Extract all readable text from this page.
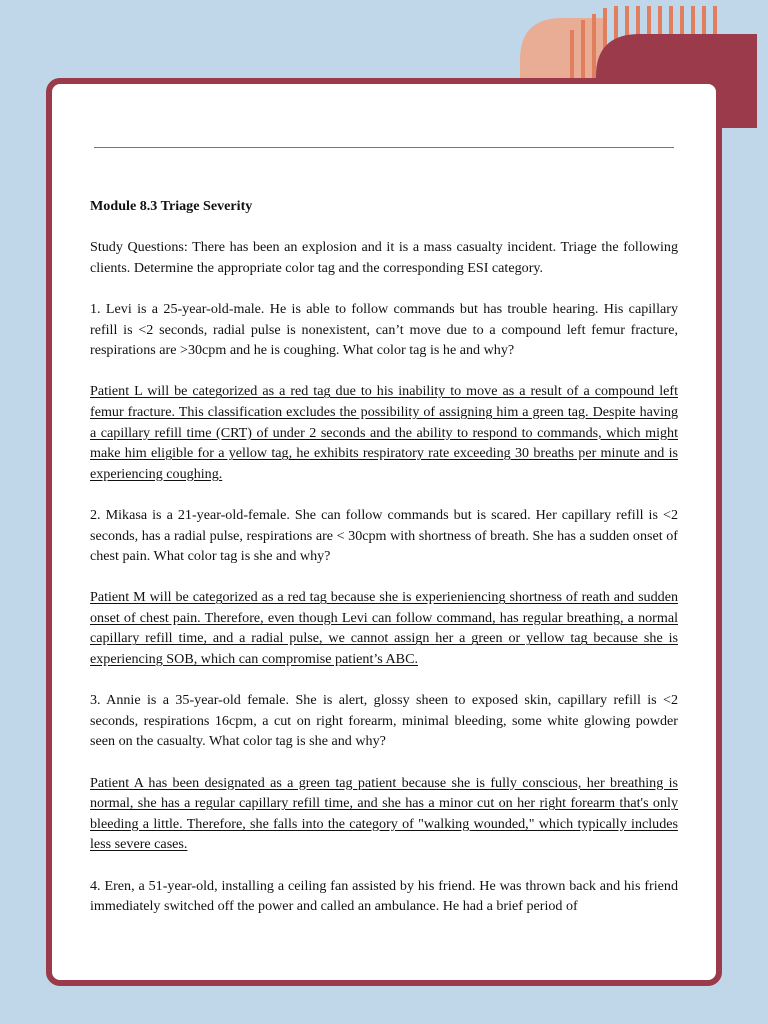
Module 8.3 Triage Severity

Study Questions: There has been an explosion and it is a mass casualty incident. Triage the following clients. Determine the appropriate color tag and the corresponding ESI category.

1. Levi is a 25-year-old-male. He is able to follow commands but has trouble hearing. His capillary refill is <2 seconds, radial pulse is nonexistent, can’t move due to a compound left femur fracture, respirations are >30cpm and he is coughing. What color tag is he and why?

Patient L will be categorized as a red tag due to his inability to move as a result of a compound left femur fracture. This classification excludes the possibility of assigning him a green tag. Despite having a capillary refill time (CRT) of under 2 seconds and the ability to respond to commands, which might make him eligible for a yellow tag, he exhibits respiratory rate exceeding 30 breaths per minute and is experiencing coughing.

2. Mikasa is a 21-year-old-female. She can follow commands but is scared. Her capillary refill is <2 seconds, has a radial pulse, respirations are < 30cpm with shortness of breath. She has a sudden onset of chest pain. What color tag is she and why?

Patient M will be categorized as a red tag because she is experieniencing shortness of reath and sudden onset of chest pain. Therefore, even though Levi can follow command, has regular breathing, a normal capillary refill time, and a radial pulse, we cannot assign her a green or yellow tag because she is experiencing SOB, which can compromise patient’s ABC.

3. Annie is a 35-year-old female. She is alert, glossy sheen to exposed skin, capillary refill is <2 seconds, respirations 16cpm, a cut on right forearm, minimal bleeding, some white glowing powder seen on the casualty. What color tag is she and why?

Patient A has been designated as a green tag patient because she is fully conscious, her breathing is normal, she has a regular capillary refill time, and she has a minor cut on her right forearm that's only bleeding a little. Therefore, she falls into the category of "walking wounded," which typically includes less severe cases.

4. Eren, a 51-year-old, installing a ceiling fan assisted by his friend. He was thrown back and his friend immediately switched off the power and called an ambulance. He had a brief period of
